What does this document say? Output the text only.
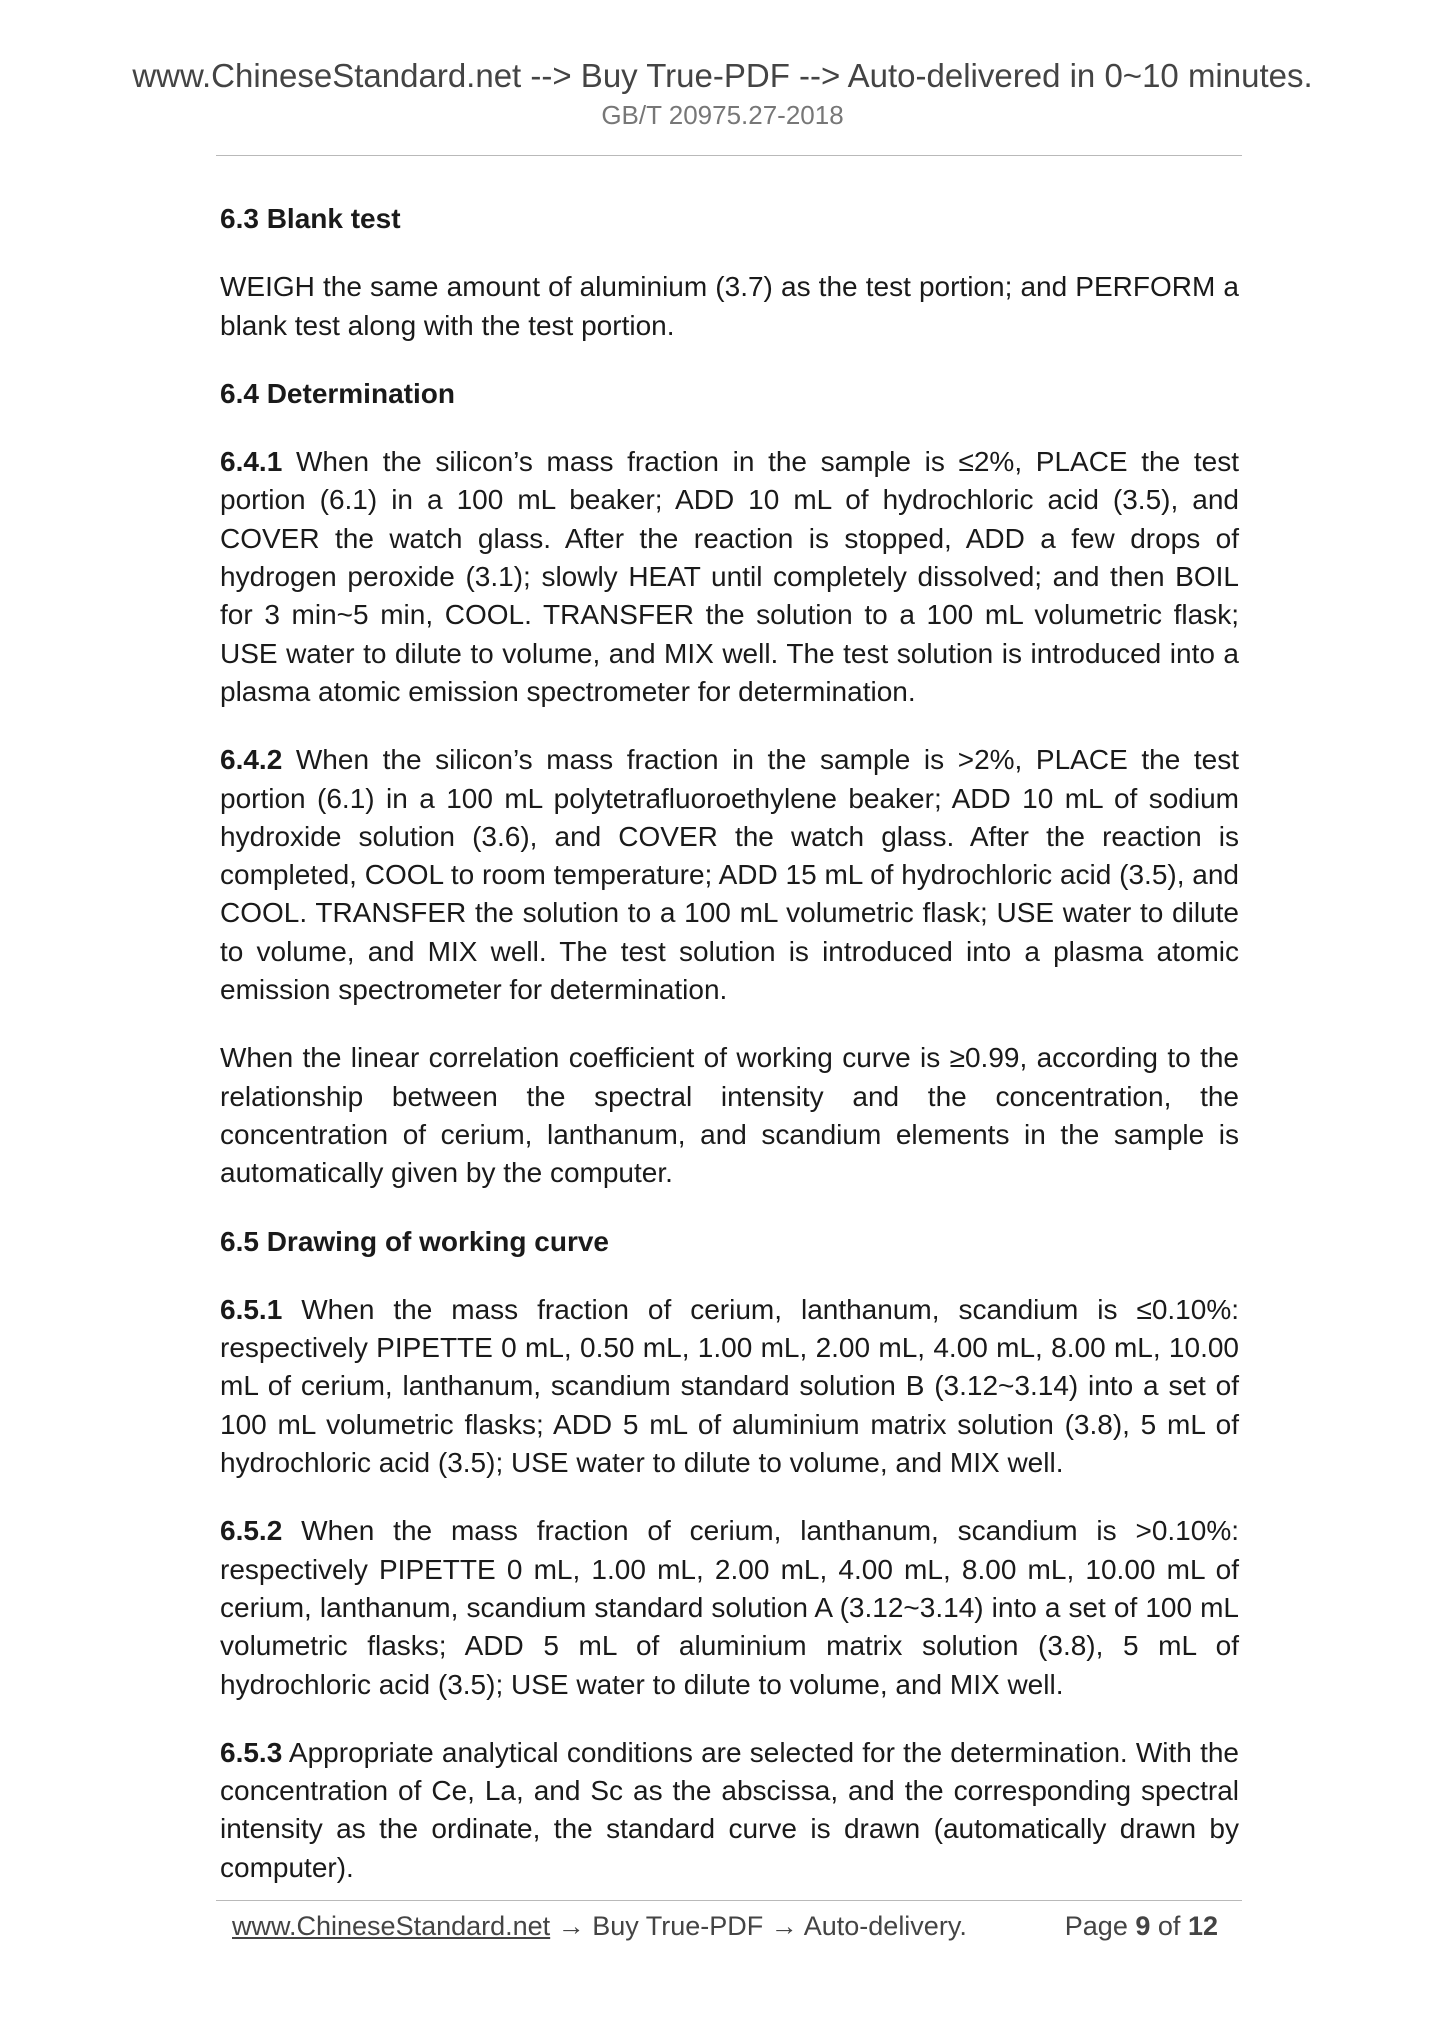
www.ChineseStandard.net --> Buy True-PDF --> Auto-delivered in 0~10 minutes.
GB/T 20975.27-2018
6.3 Blank test

WEIGH the same amount of aluminium (3.7) as the test portion; and PERFORM a blank test along with the test portion.

6.4 Determination

6.4.1 When the silicon’s mass fraction in the sample is ≤2%, PLACE the test portion (6.1) in a 100 mL beaker; ADD 10 mL of hydrochloric acid (3.5), and COVER the watch glass. After the reaction is stopped, ADD a few drops of hydrogen peroxide (3.1); slowly HEAT until completely dissolved; and then BOIL for 3 min~5 min, COOL. TRANSFER the solution to a 100 mL volumetric flask; USE water to dilute to volume, and MIX well. The test solution is introduced into a plasma atomic emission spectrometer for determination.

6.4.2 When the silicon’s mass fraction in the sample is >2%, PLACE the test portion (6.1) in a 100 mL polytetrafluoroethylene beaker; ADD 10 mL of sodium hydroxide solution (3.6), and COVER the watch glass. After the reaction is completed, COOL to room temperature; ADD 15 mL of hydrochloric acid (3.5), and COOL. TRANSFER the solution to a 100 mL volumetric flask; USE water to dilute to volume, and MIX well. The test solution is introduced into a plasma atomic emission spectrometer for determination.

When the linear correlation coefficient of working curve is ≥0.99, according to the relationship between the spectral intensity and the concentration, the concentration of cerium, lanthanum, and scandium elements in the sample is automatically given by the computer.

6.5 Drawing of working curve

6.5.1 When the mass fraction of cerium, lanthanum, scandium is ≤0.10%: respectively PIPETTE 0 mL, 0.50 mL, 1.00 mL, 2.00 mL, 4.00 mL, 8.00 mL, 10.00 mL of cerium, lanthanum, scandium standard solution B (3.12~3.14) into a set of 100 mL volumetric flasks; ADD 5 mL of aluminium matrix solution (3.8), 5 mL of hydrochloric acid (3.5); USE water to dilute to volume, and MIX well.

6.5.2 When the mass fraction of cerium, lanthanum, scandium is >0.10%: respectively PIPETTE 0 mL, 1.00 mL, 2.00 mL, 4.00 mL, 8.00 mL, 10.00 mL of cerium, lanthanum, scandium standard solution A (3.12~3.14) into a set of 100 mL volumetric flasks; ADD 5 mL of aluminium matrix solution (3.8), 5 mL of hydrochloric acid (3.5); USE water to dilute to volume, and MIX well.

6.5.3 Appropriate analytical conditions are selected for the determination. With the concentration of Ce, La, and Sc as the abscissa, and the corresponding spectral intensity as the ordinate, the standard curve is drawn (automatically drawn by computer).

www.ChineseStandard.net → Buy True-PDF → Auto-delivery.	Page 9 of 12
